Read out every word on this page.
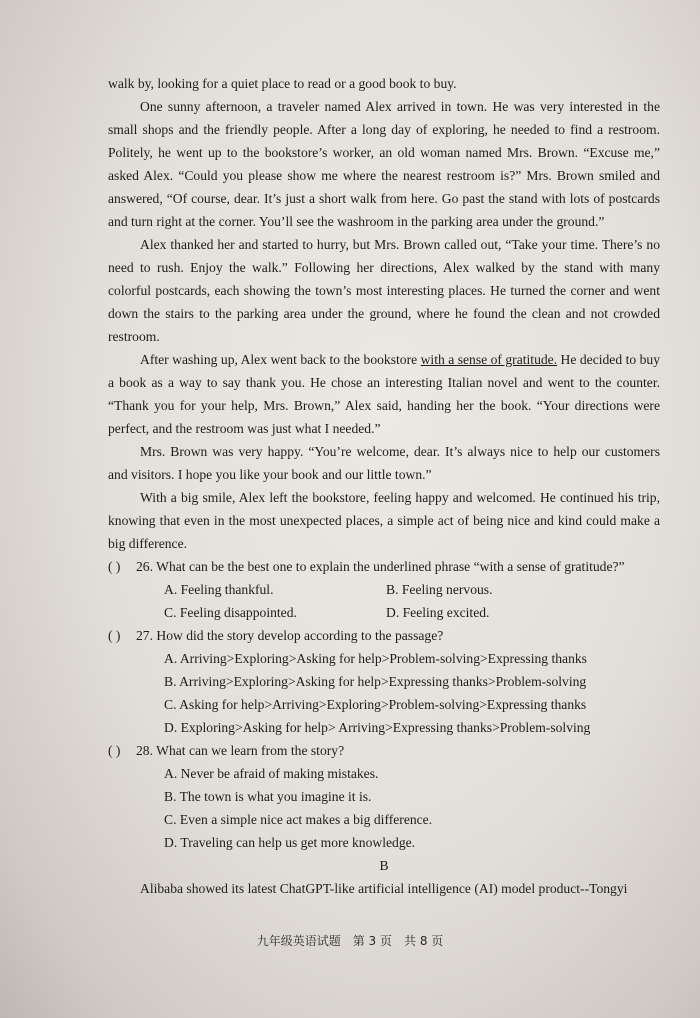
walk by, looking for a quiet place to read or a good book to buy.

One sunny afternoon, a traveler named Alex arrived in town. He was very interested in the small shops and the friendly people. After a long day of exploring, he needed to find a restroom. Politely, he went up to the bookstore’s worker, an old woman named Mrs. Brown. “Excuse me,” asked Alex. “Could you please show me where the nearest restroom is?” Mrs. Brown smiled and answered, “Of course, dear. It’s just a short walk from here. Go past the stand with lots of postcards and turn right at the corner. You’ll see the washroom in the parking area under the ground.”

Alex thanked her and started to hurry, but Mrs. Brown called out, “Take your time. There’s no need to rush. Enjoy the walk.” Following her directions, Alex walked by the stand with many colorful postcards, each showing the town’s most interesting places. He turned the corner and went down the stairs to the parking area under the ground, where he found the clean and not crowded restroom.

After washing up, Alex went back to the bookstore with a sense of gratitude. He decided to buy a book as a way to say thank you. He chose an interesting Italian novel and went to the counter. “Thank you for your help, Mrs. Brown,” Alex said, handing her the book. “Your directions were perfect, and the restroom was just what I needed.”

Mrs. Brown was very happy. “You’re welcome, dear. It’s always nice to help our customers and visitors. I hope you like your book and our little town.”

With a big smile, Alex left the bookstore, feeling happy and welcomed. He continued his trip, knowing that even in the most unexpected places, a simple act of being nice and kind could make a big difference.

( )	26. What can be the best one to explain the underlined phrase “with a sense of gratitude?”
A. Feeling thankful.	B. Feeling nervous.
C. Feeling disappointed.	D. Feeling excited.
( )	27. How did the story develop according to the passage?

A. Arriving>Exploring>Asking for help>Problem-solving>Expressing thanks

B. Arriving>Exploring>Asking for help>Expressing thanks>Problem-solving

C. Asking for help>Arriving>Exploring>Problem-solving>Expressing thanks

D. Exploring>Asking for help> Arriving>Expressing thanks>Problem-solving

( )	28. What can we learn from the story?

A. Never be afraid of making mistakes.

B. The town is what you imagine it is.

C. Even a simple nice act makes a big difference.

D. Traveling can help us get more knowledge.

B

Alibaba showed its latest ChatGPT-like artificial intelligence (AI) model product--Tongyi

九年级英语试题 第 3 页 共 8 页
